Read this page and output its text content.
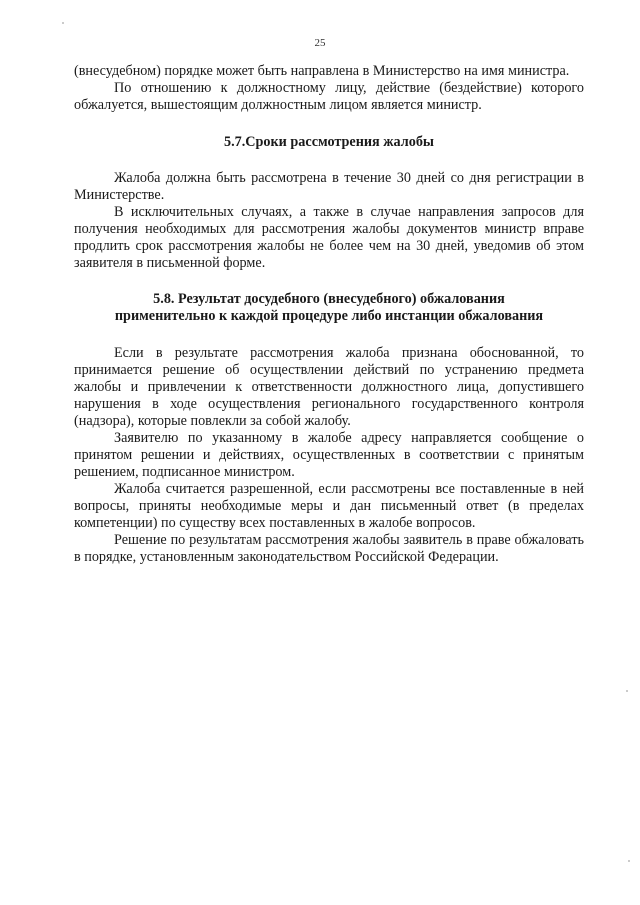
25

(внесудебном) порядке может быть направлена в Министерство на имя министра.

По отношению к должностному лицу, действие (бездействие) которого обжалуется, вышестоящим должностным лицом является министр.

5.7.Сроки рассмотрения жалобы

Жалоба должна быть рассмотрена в течение 30 дней со дня регистрации в Министерстве.

В исключительных случаях, а также в случае направления запросов для получения необходимых для рассмотрения жалобы документов министр вправе продлить срок рассмотрения жалобы не более чем на 30 дней, уведомив об этом заявителя в письменной форме.

5.8. Результат досудебного (внесудебного) обжалования
применительно к каждой процедуре либо инстанции обжалования

Если в результате рассмотрения жалоба признана обоснованной, то принимается решение об осуществлении действий по устранению предмета жалобы и привлечении к ответственности должностного лица, допустившего нарушения в ходе осуществления регионального государственного контроля (надзора), которые повлекли за собой жалобу.

Заявителю по указанному в жалобе адресу направляется сообщение о принятом решении и действиях, осуществленных в соответствии с принятым решением, подписанное министром.

Жалоба считается разрешенной, если рассмотрены все поставленные в ней вопросы, приняты необходимые меры и дан письменный ответ (в пределах компетенции) по существу всех поставленных в жалобе вопросов.

Решение по результатам рассмотрения жалобы заявитель в праве обжаловать в порядке, установленным законодательством Российской Федерации.
